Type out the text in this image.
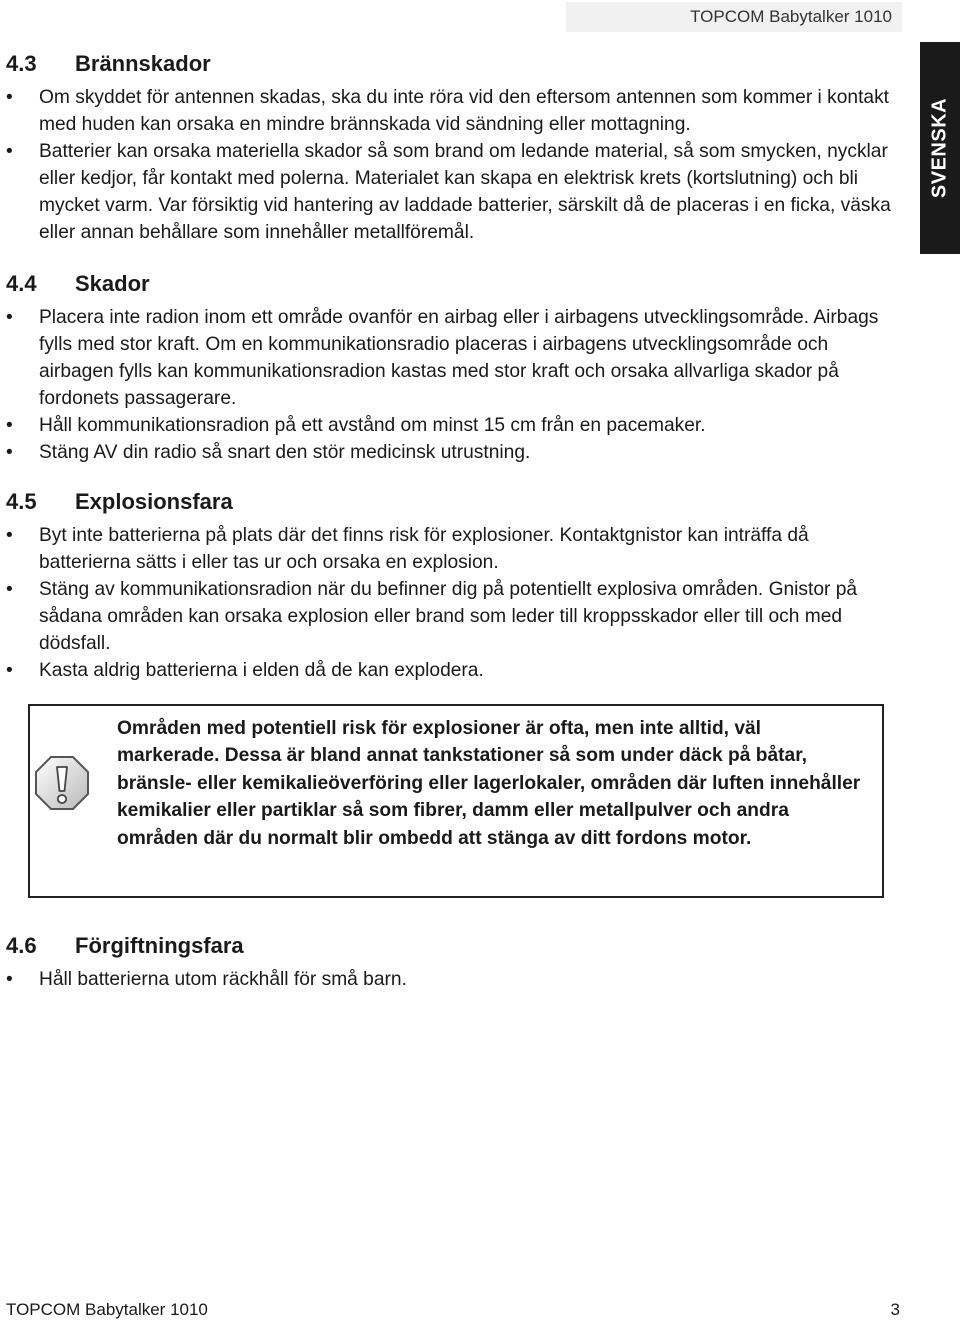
TOPCOM Babytalker 1010
SVENSKA
4.3	Brännskador
• Om skyddet för antennen skadas, ska du inte röra vid den eftersom antennen som kommer i kontakt med huden kan orsaka en mindre brännskada vid sändning eller mottagning.
• Batterier kan orsaka materiella skador så som brand om ledande material, så som smycken, nycklar eller kedjor, får kontakt med polerna. Materialet kan skapa en elektrisk krets (kortslutning) och bli mycket varm. Var försiktig vid hantering av laddade batterier, särskilt då de placeras i en ficka, väska eller annan behållare som innehåller metallföremål.
4.4	Skador
• Placera inte radion inom ett område ovanför en airbag eller i airbagens utvecklingsområde. Airbags fylls med stor kraft. Om en kommunikationsradio placeras i airbagens utvecklingsområde och airbagen fylls kan kommunikationsradion kastas med stor kraft och orsaka allvarliga skador på fordonets passagerare.
• Håll kommunikationsradion på ett avstånd om minst 15 cm från en pacemaker.
• Stäng AV din radio så snart den stör medicinsk utrustning.
4.5	Explosionsfara
• Byt inte batterierna på plats där det finns risk för explosioner. Kontaktgnistor kan inträffa då batterierna sätts i eller tas ur och orsaka en explosion.
• Stäng av kommunikationsradion när du befinner dig på potentiellt explosiva områden. Gnistor på sådana områden kan orsaka explosion eller brand som leder till kroppsskador eller till och med dödsfall.
• Kasta aldrig batterierna i elden då de kan explodera.
Områden med potentiell risk för explosioner är ofta, men inte alltid, väl markerade. Dessa är bland annat tankstationer så som under däck på båtar, bränsle- eller kemikalieöverföring eller lagerlokaler, områden där luften innehåller kemikalier eller partiklar så som fibrer, damm eller metallpulver och andra områden där du normalt blir ombedd att stänga av ditt fordons motor.
4.6	Förgiftningsfara
• Håll batterierna utom räckhåll för små barn.
TOPCOM Babytalker 1010	3
